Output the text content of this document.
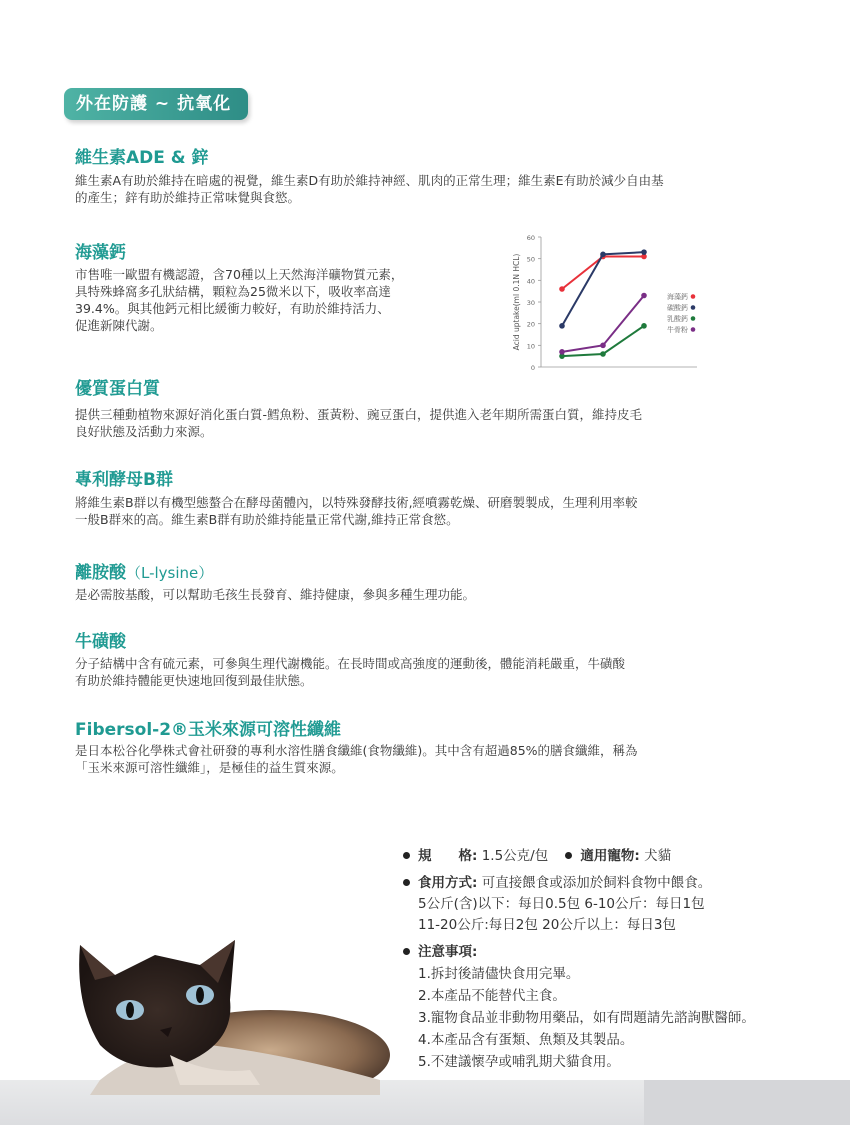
外在防護 ~ 抗氧化
維生素ADE & 鋅
維生素A有助於維持在暗處的視覺，維生素D有助於維持神經、肌肉的正常生理；維生素E有助於減少自由基
的產生；鋅有助於維持正常味覺與食慾。
海藻鈣
市售唯一歐盟有機認證，含70種以上天然海洋礦物質元素，
具特殊蜂窩多孔狀結構，顆粒為25微米以下，吸收率高達
39.4%。與其他鈣元相比緩衝力較好，有助於維持活力、
促進新陳代謝。
0
10
20
30
40
50
60
Acid uptake(ml 0.1N HCL)	海藻鈣
碳酸鈣
乳酸鈣
牛骨粉
優質蛋白質
提供三種動植物來源好消化蛋白質-鱈魚粉、蛋黃粉、豌豆蛋白，提供進入老年期所需蛋白質，維持皮毛
良好狀態及活動力來源。
專利酵母B群
將維生素B群以有機型態螯合在酵母菌體內，以特殊發酵技術,經噴霧乾燥、研磨製製成，生理利用率較
一般B群來的高。維生素B群有助於維持能量正常代謝,維持正常食慾。
離胺酸（L-lysine）
是必需胺基酸，可以幫助毛孩生長發育、維持健康，參與多種生理功能。
牛磺酸
分子結構中含有硫元素，可參與生理代謝機能。在長時間或高強度的運動後，體能消耗嚴重，牛磺酸
有助於維持體能更快速地回復到最佳狀態。
Fibersol-2®玉米來源可溶性纖維
是日本松谷化學株式會社研發的專利水溶性膳食纖維(食物纖維)。其中含有超過85%的膳食纖維，稱為
「玉米來源可溶性纖維」，是極佳的益生質來源。
規　　格: 1.5公克/包 適用寵物: 犬貓
食用方式: 可直接餵食或添加於飼料食物中餵食。
5公斤(含)以下：每日0.5包 6-10公斤：每日1包
11-20公斤:每日2包 20公斤以上：每日3包
注意事項:
1.拆封後請儘快食用完畢。
2.本產品不能替代主食。
3.寵物食品並非動物用藥品，如有問題請先諮詢獸醫師。
4.本產品含有蛋類、魚類及其製品。
5.不建議懷孕或哺乳期犬貓食用。
